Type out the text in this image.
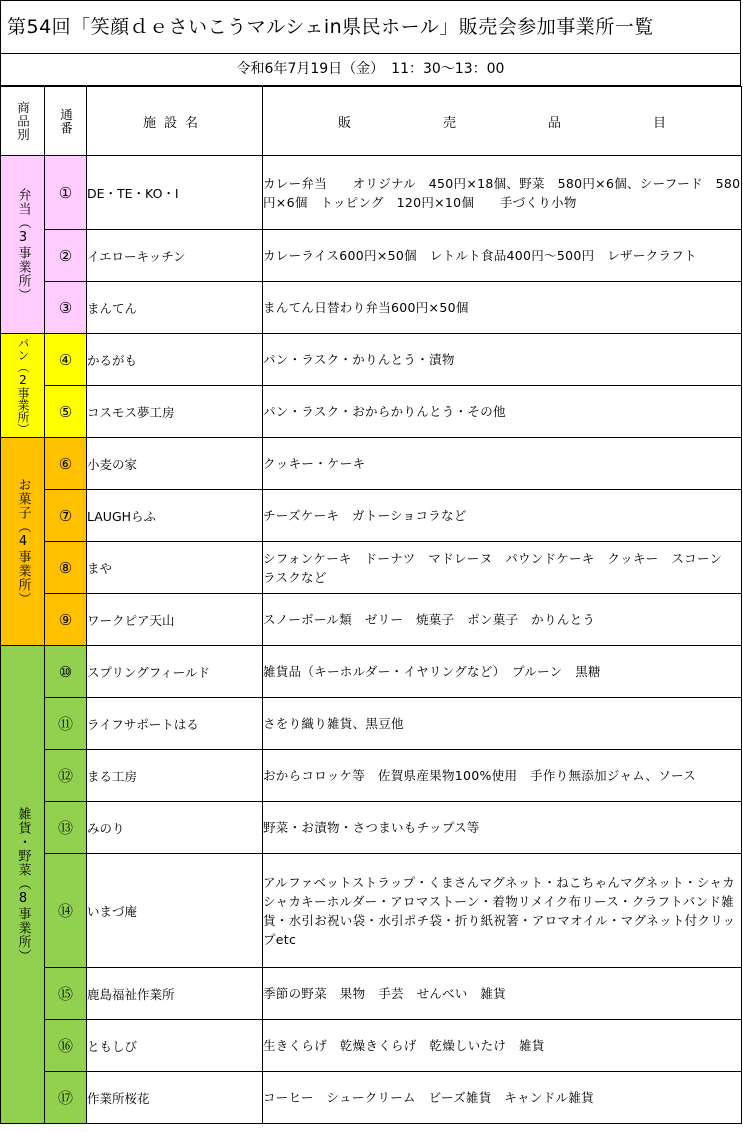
第54回「笑顔ｄｅさいこうマルシェin県民ホール」販売会参加事業所一覧
令和6年7月19日（金）　11：30～13：00
商品別	通番	施設名	販 売 品 目

弁当（3事業所）	①	DE・TE・KO・I	カレー弁当　　オリジナル　450円×18個、野菜　580円×6個、シーフード　580円×6個　トッピング　120円×10個　　手づくり小物
	②	イエローキッチン	カレーライス600円×50個　レトルト食品400円～500円　レザークラフト
	③	まんてん	まんてん日替わり弁当600円×50個

パン（2事業所）	④	かるがも	パン・ラスク・かりんとう・漬物
	⑤	コスモス夢工房	パン・ラスク・おからかりんとう・その他

お菓子（4事業所）	⑥	小麦の家	クッキー・ケーキ
	⑦	LAUGHらふ	チーズケーキ　ガトーショコラなど
	⑧	まや	シフォンケーキ　ドーナツ　マドレーヌ　パウンドケーキ　クッキー　スコーン　ラスクなど
	⑨	ワークピア天山	スノーボール類　ゼリー　焼菓子　ポン菓子　かりんとう

雑貨・野菜（8事業所）	⑩	スプリングフィールド	雑貨品（キーホルダー・イヤリングなど）　プルーン　黒糖
	⑪	ライフサポートはる	さをり織り雑貨、黒豆他
	⑫	まる工房	おからコロッケ等　佐賀県産果物100%使用　手作り無添加ジャム、ソース
	⑬	みのり	野菜・お漬物・さつまいもチップス等
	⑭	いまづ庵	アルファベットストラップ・くまさんマグネット・ねこちゃんマグネット・シャカシャカキーホルダー・アロマストーン・着物リメイク布リース・クラフトバンド雑貨・水引お祝い袋・水引ポチ袋・折り紙祝箸・アロマオイル・マグネット付クリップetc
	⑮	鹿島福祉作業所	季節の野菜　果物　手芸　せんべい　雑貨
	⑯	ともしび	生きくらげ　乾燥きくらげ　乾燥しいたけ　雑貨
	⑰	作業所桜花	コーヒー　シュークリーム　ビーズ雑貨　キャンドル雑貨
